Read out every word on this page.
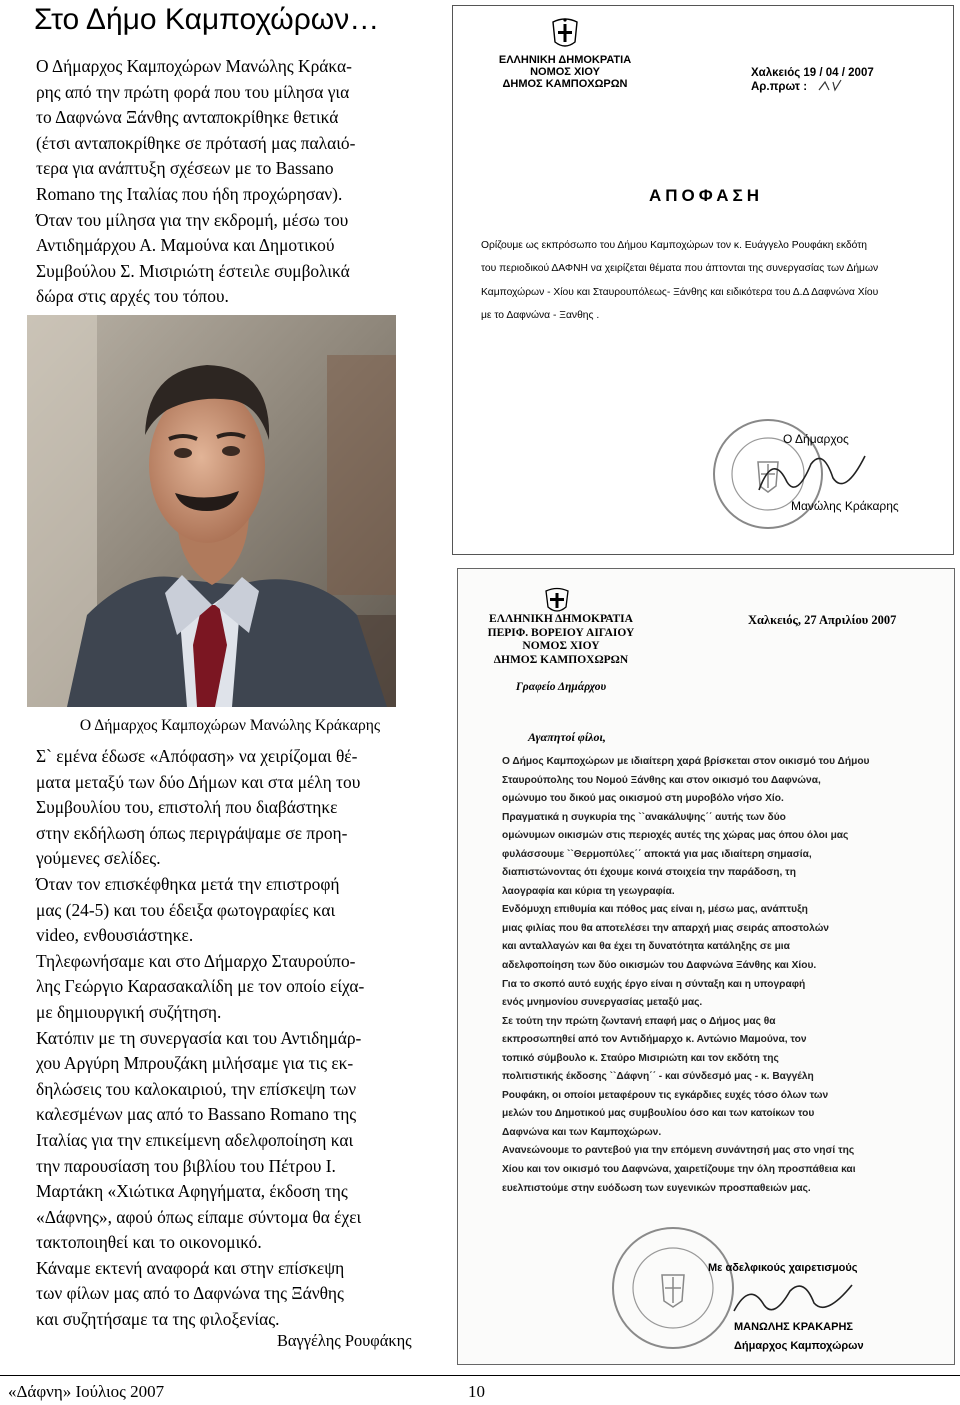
Στο Δήμο Καμποχώρων…
Ο Δήμαρχος Καμποχώρων Μανώλης Κράκα-
ρης από την πρώτη φορά που του μίλησα για
το Δαφνώνα Ξάνθης ανταποκρίθηκε θετικά
(έτσι ανταποκρίθηκε σε πρότασή μας παλαιό-
τερα για ανάπτυξη σχέσεων με το Bassano
Romano της Ιταλίας που ήδη προχώρησαν).
Όταν του μίλησα για την εκδρομή, μέσω του
Αντιδημάρχου Α. Μαμούνα και Δημοτικού
Συμβούλου Σ. Μισιριώτη έστειλε συμβολικά
δώρα στις αρχές του τόπου.
Ο Δήμαρχος Καμποχώρων Μανώλης Κράκαρης
Σ` εμένα έδωσε «Απόφαση» να χειρίζομαι θέ-
ματα μεταξύ των δύο Δήμων και στα μέλη του
Συμβουλίου του, επιστολή που διαβάστηκε
στην εκδήλωση όπως περιγράψαμε σε προη-
γούμενες σελίδες.
Όταν τον επισκέφθηκα μετά την επιστροφή
μας (24-5) και του έδειξα φωτογραφίες και
video, ενθουσιάστηκε.
Τηλεφωνήσαμε και στο Δήμαρχο Σταυρούπο-
λης Γεώργιο Καρασακαλίδη με τον οποίο είχα-
με δημιουργική συζήτηση.
Κατόπιν με τη συνεργασία και του Αντιδημάρ-
χου Αργύρη Μπρουζάκη μιλήσαμε για τις εκ-
δηλώσεις του καλοκαιριού, την επίσκεψη των
καλεσμένων μας από το Bassano Romano της
Ιταλίας για την επικείμενη αδελφοποίηση και
την παρουσίαση του βιβλίου του Πέτρου Ι.
Μαρτάκη «Χιώτικα Αφηγήματα, έκδοση της
«Δάφνης», αφού όπως είπαμε σύντομα θα έχει
τακτοποιηθεί και το οικονομικό.
Κάναμε εκτενή αναφορά και στην επίσκεψη
των φίλων μας από το Δαφνώνα της Ξάνθης
και συζητήσαμε τα της φιλοξενίας.
Βαγγέλης Ρουφάκης
ΕΛΛΗΝΙΚΗ ΔΗΜΟΚΡΑΤΙΑ
ΝΟΜΟΣ ΧΙΟΥ
ΔΗΜΟΣ ΚΑΜΠΟΧΩΡΩΝ
Χαλκειός 19 / 04 / 2007
Αρ.πρωτ :
ΑΠΟΦΑΣΗ
Ορίζουμε ως εκπρόσωπο του Δήμου Καμποχώρων τον κ. Ευάγγελο Ρουφάκη εκδότη
του περιοδικού ΔΑΦΝΗ να χειρίζεται θέματα που άπτονται της συνεργασίας των Δήμων
Καμποχώρων - Χίου και Σταυρουπόλεως- Ξάνθης και ειδικότερα του Δ.Δ Δαφνώνα Χίου
με το Δαφνώνα - Ξανθης .
Ο Δήμαρχος
Μανώλης Κράκαρης
ΕΛΛΗΝΙΚΗ ΔΗΜΟΚΡΑΤΙΑ
ΠΕΡΙΦ. ΒΟΡΕΙΟΥ ΑΙΓΑΙΟΥ
ΝΟΜΟΣ ΧΙΟΥ
ΔΗΜΟΣ ΚΑΜΠΟΧΩΡΩΝ
Γραφείο Δημάρχου
Χαλκειός, 27 Απριλίου 2007
Αγαπητοί φίλοι,
Ο Δήμος Καμποχώρων με ιδιαίτερη χαρά βρίσκεται στον οικισμό του Δήμου
Σταυρούπολης του Νομού Ξάνθης και στον οικισμό του Δαφνώνα,
ομώνυμο του δικού μας οικισμού στη μυροβόλο νήσο Χίο.
Πραγματικά η συγκυρία της ``ανακάλυψης΄΄ αυτής των δύο
ομώνυμων οικισμών στις περιοχές αυτές της χώρας μας όπου όλοι μας
φυλάσσουμε ``Θερμοπύλες΄΄ αποκτά για μας ιδιαίτερη σημασία,
διαπιστώνοντας ότι έχουμε κοινά στοιχεία την παράδοση, τη
λαογραφία και κύρια τη γεωγραφία.
Ενδόμυχη επιθυμία και πόθος μας είναι η, μέσω μας, ανάπτυξη
μιας φιλίας που θα αποτελέσει την απαρχή μιας σειράς αποστολών
και ανταλλαγών και θα έχει τη δυνατότητα κατάληξης σε μια
αδελφοποίηση των δύο οικισμών του Δαφνώνα Ξάνθης και Χίου.
Για το σκοπό αυτό ευχής έργο είναι η σύνταξη και η υπογραφή
ενός μνημονίου συνεργασίας μεταξύ μας.
Σε τούτη την πρώτη ζωντανή επαφή μας ο Δήμος μας θα
εκπροσωπηθεί από τον Αντιδήμαρχο κ. Αντώνιο Μαμούνα, τον
τοπικό σύμβουλο κ. Σταύρο Μισιριώτη και τον εκδότη της
πολιτιστικής έκδοσης ``Δάφνη΄΄ - και σύνδεσμό μας - κ. Βαγγέλη
Ρουφάκη, οι οποίοι μεταφέρουν τις εγκάρδιες ευχές τόσο όλων των
μελών του Δημοτικού μας συμβουλίου όσο και των κατοίκων του
Δαφνώνα και των Καμποχώρων.
Ανανεώνουμε το ραντεβού για την επόμενη συνάντησή μας στο νησί της
Χίου και τον οικισμό του Δαφνώνα, χαιρετίζουμε την όλη προσπάθεια και
ευελπιστούμε στην ευόδωση των ευγενικών προσπαθειών μας.
Με αδελφικούς χαιρετισμούς
ΜΑΝΩΛΗΣ ΚΡΑΚΑΡΗΣ
Δήμαρχος Καμποχώρων
«Δάφνη» Ιούλιος 2007	10
